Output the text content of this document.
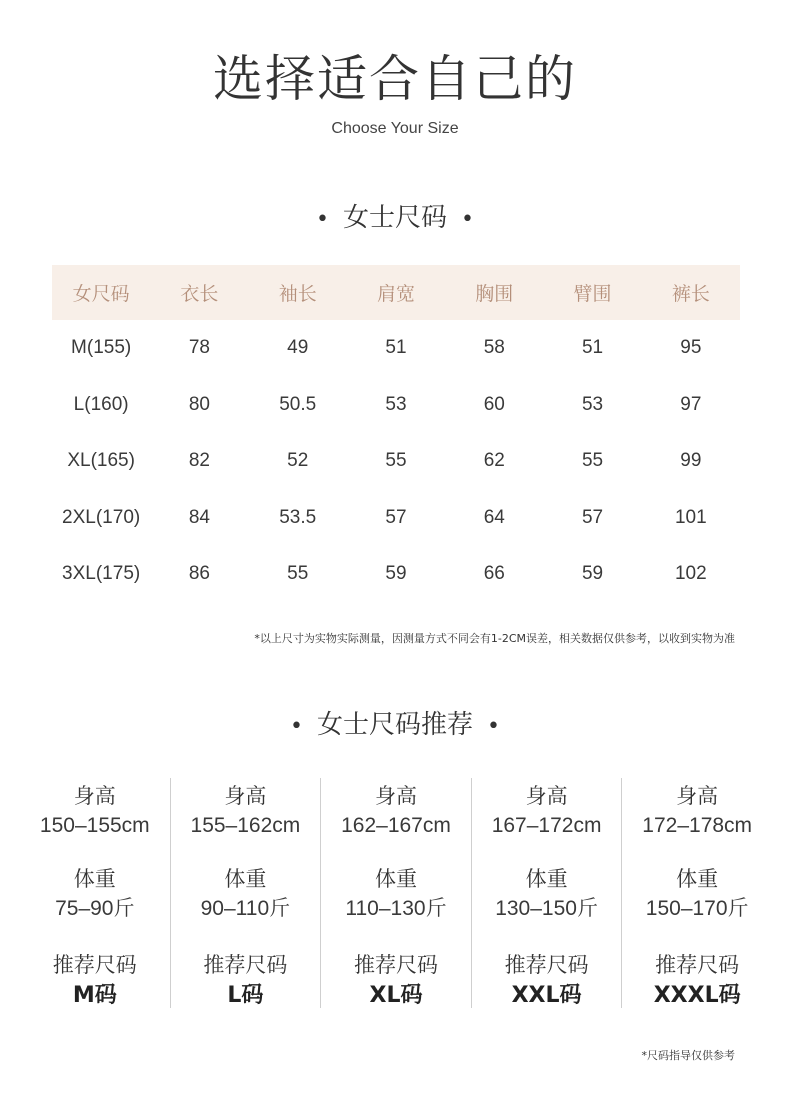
选择适合自己的
Choose Your Size
• 女士尺码 •
女尺码	衣长	袖长	肩宽	胸围	臂围	裤长
M(155)	78	49	51	58	51	95
L(160)	80	50.5	53	60	53	97
XL(165)	82	52	55	62	55	99
2XL(170)	84	53.5	57	64	57	101
3XL(175)	86	55	59	66	59	102
*以上尺寸为实物实际测量，因测量方式不同会有1-2CM误差，相关数据仅供参考，以收到实物为准
• 女士尺码推荐 •
身高
150–155cm
体重
75–90斤
推荐尺码
M码
身高
155–162cm
体重
90–110斤
推荐尺码
L码
身高
162–167cm
体重
110–130斤
推荐尺码
XL码
身高
167–172cm
体重
130–150斤
推荐尺码
XXL码
身高
172–178cm
体重
150–170斤
推荐尺码
XXXL码
*尺码指导仅供参考
